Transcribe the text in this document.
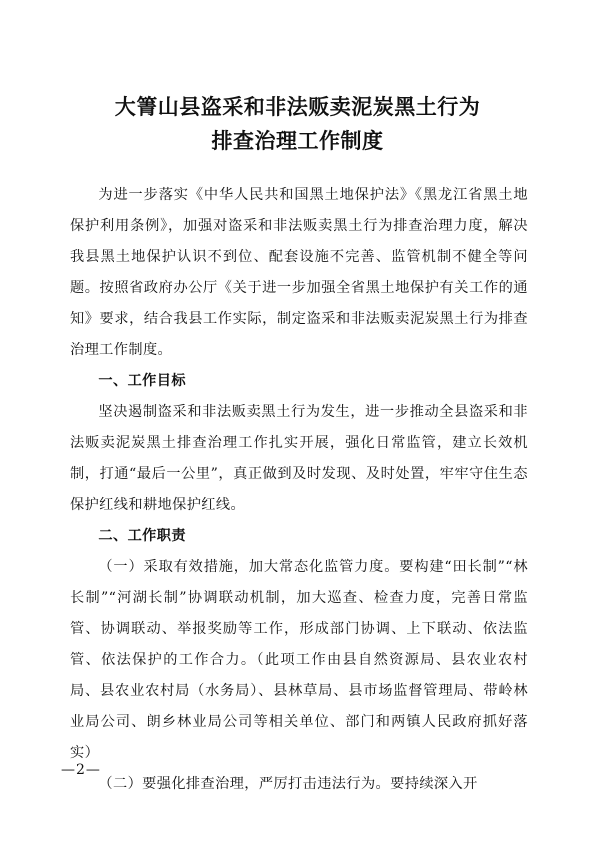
大箐山县盗采和非法贩卖泥炭黑土行为
排查治理工作制度

为进一步落实《中华人民共和国黑土地保护法》《黑龙江省黑土地保护利用条例》，加强对盗采和非法贩卖黑土行为排查治理力度，解决我县黑土地保护认识不到位、配套设施不完善、监管机制不健全等问题。按照省政府办公厅《关于进一步加强全省黑土地保护有关工作的通知》要求，结合我县工作实际，制定盗采和非法贩卖泥炭黑土行为排查治理工作制度。

一、工作目标

坚决遏制盗采和非法贩卖黑土行为发生，进一步推动全县盗采和非法贩卖泥炭黑土排查治理工作扎实开展，强化日常监管，建立长效机制，打通“最后一公里”，真正做到及时发现、及时处置，牢牢守住生态保护红线和耕地保护红线。

二、工作职责

（一）采取有效措施，加大常态化监管力度。要构建“田长制”“林长制”“河湖长制”协调联动机制，加大巡查、检查力度，完善日常监管、协调联动、举报奖励等工作，形成部门协调、上下联动、依法监管、依法保护的工作合力。（此项工作由县自然资源局、县农业农村局、县农业农村局（水务局）、县林草局、县市场监督管理局、带岭林业局公司、朗乡林业局公司等相关单位、部门和两镇人民政府抓好落实）

（二）要强化排查治理，严厉打击违法行为。要持续深入开

—2—
